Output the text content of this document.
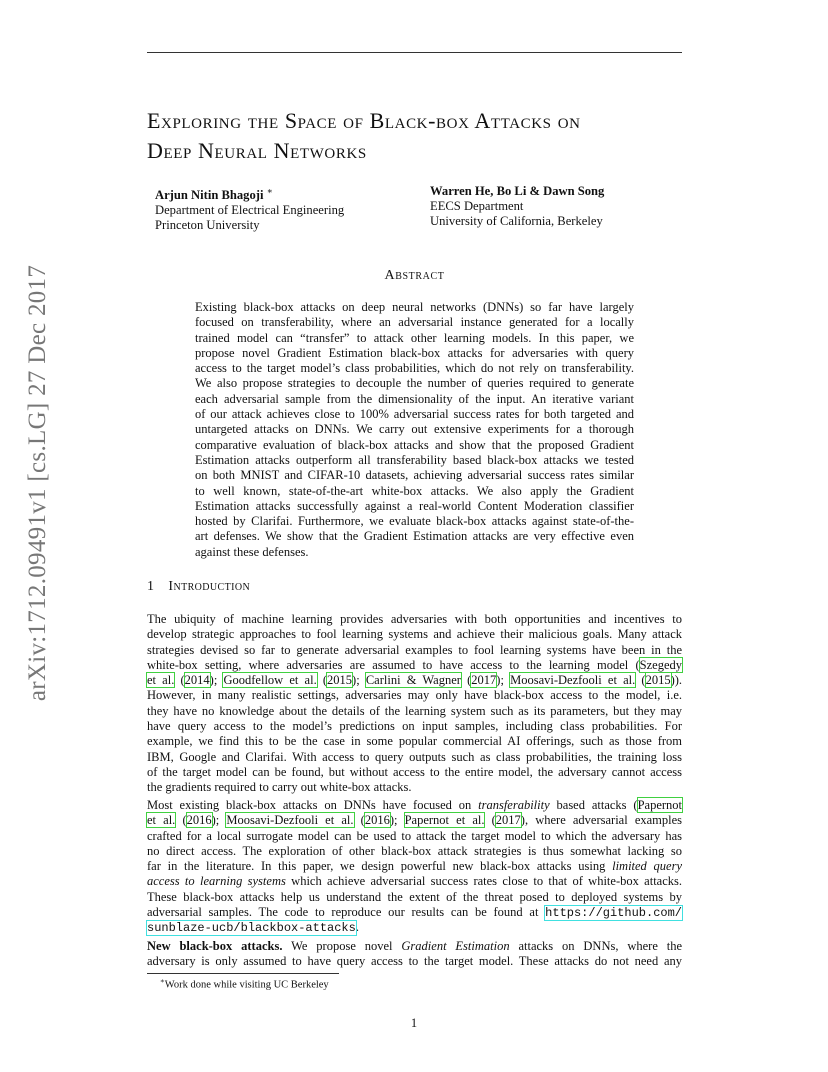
arXiv:1712.09491v1 [cs.LG] 27 Dec 2017
Exploring the Space of Black-box Attacks on
Deep Neural Networks
Arjun Nitin Bhagoji ∗
Department of Electrical Engineering
Princeton University
Warren He, Bo Li & Dawn Song
EECS Department
University of California, Berkeley
Abstract
Existing black-box attacks on deep neural networks (DNNs) so far have largely
focused on transferability, where an adversarial instance generated for a locally
trained model can “transfer” to attack other learning models. In this paper, we
propose novel Gradient Estimation black-box attacks for adversaries with query
access to the target model’s class probabilities, which do not rely on transferability.
We also propose strategies to decouple the number of queries required to generate
each adversarial sample from the dimensionality of the input. An iterative variant
of our attack achieves close to 100% adversarial success rates for both targeted and
untargeted attacks on DNNs. We carry out extensive experiments for a thorough
comparative evaluation of black-box attacks and show that the proposed Gradient
Estimation attacks outperform all transferability based black-box attacks we tested
on both MNIST and CIFAR-10 datasets, achieving adversarial success rates similar
to well known, state-of-the-art white-box attacks. We also apply the Gradient
Estimation attacks successfully against a real-world Content Moderation classifier
hosted by Clarifai. Furthermore, we evaluate black-box attacks against state-of-the-
art defenses. We show that the Gradient Estimation attacks are very effective even
against these defenses.
1 Introduction
The ubiquity of machine learning provides adversaries with both opportunities and incentives to
develop strategic approaches to fool learning systems and achieve their malicious goals. Many attack
strategies devised so far to generate adversarial examples to fool learning systems have been in the
white-box setting, where adversaries are assumed to have access to the learning model (Szegedy
et al. (2014); Goodfellow et al. (2015); Carlini & Wagner (2017); Moosavi-Dezfooli et al. (2015)).
However, in many realistic settings, adversaries may only have black-box access to the model, i.e.
they have no knowledge about the details of the learning system such as its parameters, but they may
have query access to the model’s predictions on input samples, including class probabilities. For
example, we find this to be the case in some popular commercial AI offerings, such as those from
IBM, Google and Clarifai. With access to query outputs such as class probabilities, the training loss
of the target model can be found, but without access to the entire model, the adversary cannot access
the gradients required to carry out white-box attacks.
Most existing black-box attacks on DNNs have focused on transferability based attacks (Papernot
et al. (2016); Moosavi-Dezfooli et al. (2016); Papernot et al. (2017), where adversarial examples
crafted for a local surrogate model can be used to attack the target model to which the adversary has
no direct access. The exploration of other black-box attack strategies is thus somewhat lacking so
far in the literature. In this paper, we design powerful new black-box attacks using limited query
access to learning systems which achieve adversarial success rates close to that of white-box attacks.
These black-box attacks help us understand the extent of the threat posed to deployed systems by
adversarial samples. The code to reproduce our results can be found at https://github.com/
sunblaze-ucb/blackbox-attacks.
New black-box attacks. We propose novel Gradient Estimation attacks on DNNs, where the
adversary is only assumed to have query access to the target model. These attacks do not need any
∗Work done while visiting UC Berkeley
1
